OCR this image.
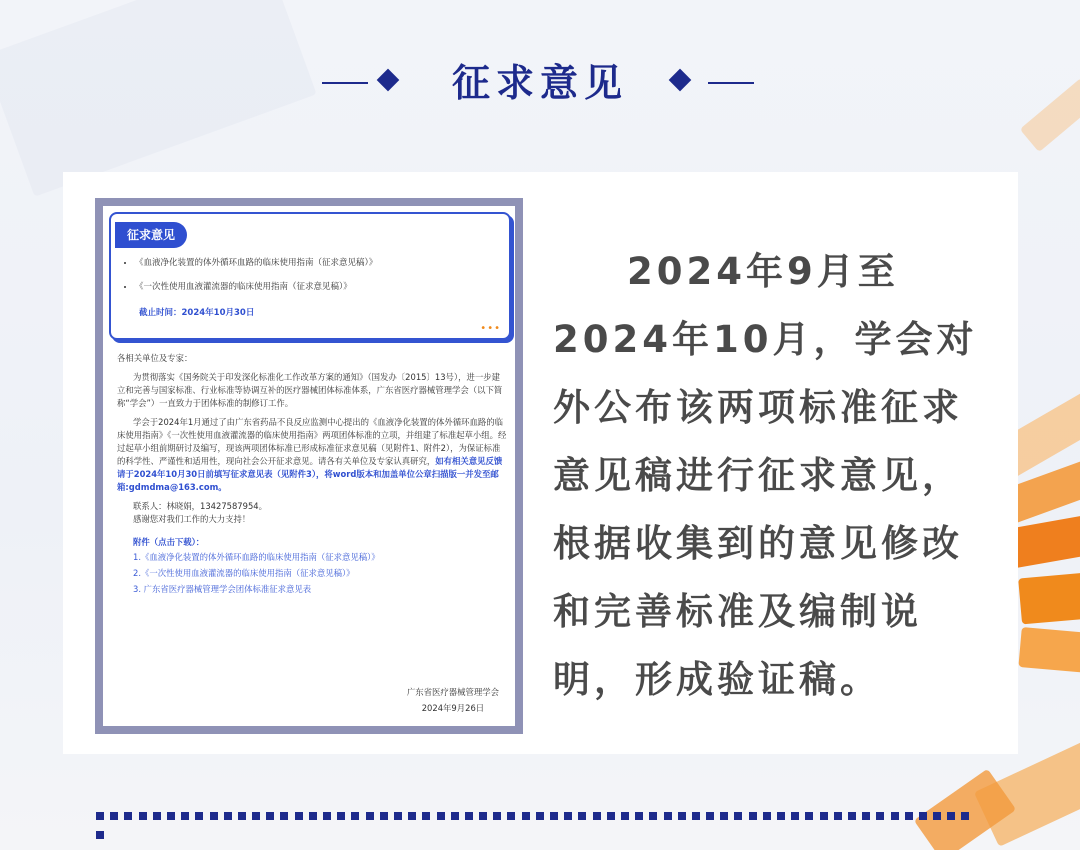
征求意见
征求意见
• 《血液净化装置的体外循环血路的临床使用指南（征求意见稿）》
• 《一次性使用血液灌流器的临床使用指南（征求意见稿）》
截止时间：2024年10月30日
•••

各相关单位及专家：

为贯彻落实《国务院关于印发深化标准化工作改革方案的通知》（国发办〔2015〕13号），进一步建立和完善与国家标准、行业标准等协调互补的医疗器械团体标准体系，广东省医疗器械管理学会（以下简称“学会”）一直致力于团体标准的制修订工作。

学会于2024年1月通过了由广东省药品不良反应监测中心提出的《血液净化装置的体外循环血路的临床使用指南》《一次性使用血液灌流器的临床使用指南》两项团体标准的立项，并组建了标准起草小组。经过起草小组前期研讨及编写，现该两项团体标准已形成标准征求意见稿（见附件1、附件2），为保证标准的科学性、严谨性和适用性，现向社会公开征求意见。请各有关单位及专家认真研究，如有相关意见反馈请于2024年10月30日前填写征求意见表（见附件3），将word版本和加盖单位公章扫描版一并发至邮箱:gdmdma@163.com。

联系人：林晓娟，13427587954。

感谢您对我们工作的大力支持！

附件（点击下载）：
1.《血液净化装置的体外循环血路的临床使用指南（征求意见稿）》
2.《一次性使用血液灌流器的临床使用指南（征求意见稿）》
3. 广东省医疗器械管理学会团体标准征求意见表
广东省医疗器械管理学会
2024年9月26日
2024年9月至2024年10月，学会对外公布该两项标准征求意见稿进行征求意见，根据收集到的意见修改和完善标准及编制说明，形成验证稿。
